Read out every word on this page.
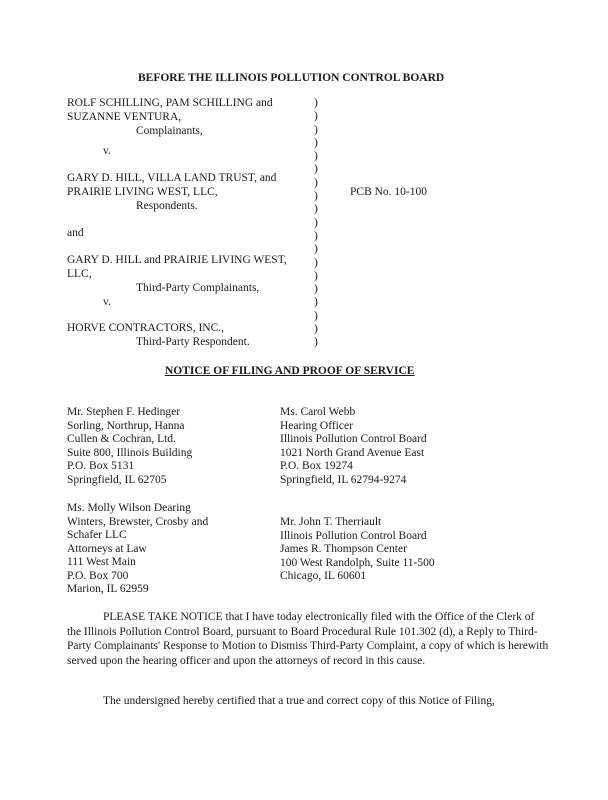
BEFORE THE ILLINOIS POLLUTION CONTROL BOARD
ROLF SCHILLING, PAM SCHILLING and
SUZANNE VENTURA,
Complainants,
v.
GARY D. HILL, VILLA LAND TRUST, and
PRAIRIE LIVING WEST, LLC,
Respondents.
and
GARY D. HILL and PRAIRIE LIVING WEST,
LLC,
Third-Party Complainants,
v.
HORVE CONTRACTORS, INC.,
Third-Party Respondent.
)
)
)
)
)
)
)
)
)
)
)
)
)
)
)
)
)
)
)
PCB No. 10-100
NOTICE OF FILING AND PROOF OF SERVICE
Mr. Stephen F. Hedinger
Sorling, Northrup, Hanna
Cullen & Cochran, Ltd.
Suite 800, Illinois Building
P.O. Box 5131
Springfield, IL 62705
Ms. Carol Webb
Hearing Officer
Illinois Pollution Control Board
1021 North Grand Avenue East
P.O. Box 19274
Springfield, IL 62794-9274
Ms. Molly Wilson Dearing
Winters, Brewster, Crosby and
Schafer LLC
Attorneys at Law
111 West Main
P.O. Box 700
Marion, IL 62959
Mr. John T. Therriault
Illinois Pollution Control Board
James R. Thompson Center
100 West Randolph, Suite 11-500
Chicago, IL 60601
PLEASE TAKE NOTICE that I have today electronically filed with the Office of the Clerk of the Illinois Pollution Control Board, pursuant to Board Procedural Rule 101.302 (d), a Reply to Third-Party Complainants' Response to Motion to Dismiss Third-Party Complaint, a copy of which is herewith served upon the hearing officer and upon the attorneys of record in this cause.
The undersigned hereby certified that a true and correct copy of this Notice of Filing,
